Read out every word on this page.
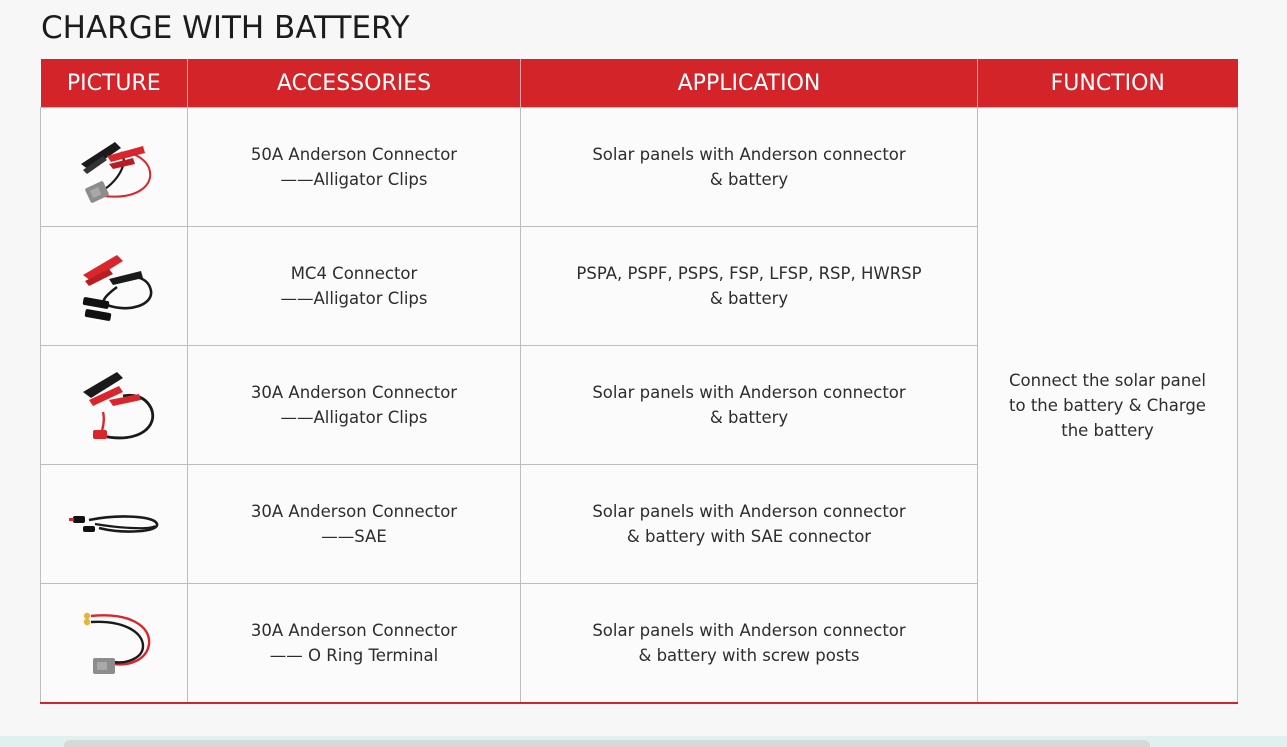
CHARGE WITH BATTERY
PICTURE	ACCESSORIES	APPLICATION	FUNCTION

50A Anderson Connector
——Alligator Clips	Solar panels with Anderson connector
& battery	Connect the solar panel
to the battery & Charge
the battery

MC4 Connector
——Alligator Clips	PSPA, PSPF, PSPS, FSP, LFSP, RSP, HWRSP
& battery	

30A Anderson Connector
——Alligator Clips	Solar panels with Anderson connector
& battery	

30A Anderson Connector
——SAE	Solar panels with Anderson connector
& battery with SAE connector	

30A Anderson Connector
—— O Ring Terminal	Solar panels with Anderson connector
& battery with screw posts	
